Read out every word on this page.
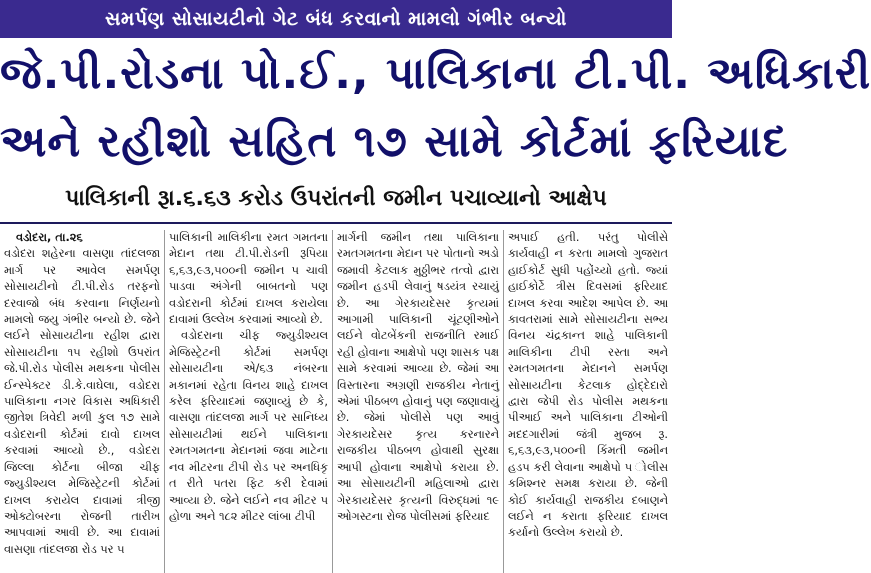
સમર્પણ સોસાયટીનો ગેટ બંધ કરવાનો મામલો ગંભીર બન્યો
જે.પી.રોડના પો.ઈ., પાલિકાના ટી.પી. અધિકારી
અને રહીશો સહિત ૧૭ સામે કોર્ટમાં ફરિયાદ
પાલિકાની રૂા.૬.૬૩ કરોડ ઉપરાંતની જમીન પચાવ્યાનો આક્ષેપ
વડોદરા, તા.૨૬

વડોદરા શહેરના વાસણા તાંદલજા માર્ગ પર આવેલ સમર્પણ સોસાયટીનો ટી.પી.રોડ તરફનો દરવાજો બંધ કરવાના નિર્ણયનો મામલો જયુ ગંભીર બન્યો છે. જેને લઈને સોસાયટીના રહીશ દ્વારા સોસાયટીના ૧૫ રહીશો ઉપરાંત જે.પી.રોડ પોલીસ મથકના પોલીસ ઈન્સ્પેક્ટર ડી.કે.વાઘેલા, વડોદરા પાલિકાના નગર વિકાસ અધિકારી જીતેશ ત્રિવેદી મળી કુલ ૧૭ સામે વડોદરાની કોર્ટમાં દાવો દાખલ કરવામાં આવ્યો છે., વડોદરા જિલ્લા કોર્ટના બીજા ચીફ જ્યુડીશ્યલ મેજિસ્ટ્રેટની કોર્ટમાં દાખલ કરાયેલ દાવામાં ત્રીજી ઓક્ટોબરના રોજની તારીખ આપવામાં આવી છે. આ દાવામાં વાસણા તાંદલજા રોડ પર ૫

પાલિકાની માલિકીના રમત ગમતના મેદાન તથા ટી.પી.રોડની રૂપિયા ૬,૬૩,૯૩,૫૦૦ની જમીન પ ચાવી પાડવા અંગેની બાબતનો પણ વડોદરાની કોર્ટમાં દાખલ કરાયેલા દાવામાં ઉલ્લેખ કરવામાં આવ્યો છે.

વડોદરાના ચીફ જ્યુડીશ્યલ મેજિસ્ટ્રેટની કોર્ટમાં સમર્પણ સોસાયટીના એ/૬૩ નંબરના મકાનમાં રહેતા વિનય શાહે દાખલ કરેલ ફરિયાદમાં જણાવ્યું છે કે, વાસણા તાંદલજા માર્ગ પર સાનિધ્ય સોસાયટીમાં થઈને પાલિકાના રમતગમતના મેદાનમાં જવા માટેના નવ મીટરના ટીપી રોડ પર અનધિકૃ ત રીતે પતરા ફિટ કરી દેવામાં આવ્યા છે. જેને લઈને નવ મીટર પ હોળા અને ૧૮૨ મીટર લાંબા ટીપી

માર્ગની જમીન તથા પાલિકાના રમતગમતના મેદાન પર પોતાનો અડો જમાવી કેટલાક મુઠ્ઠીભર તત્વો દ્વારા જમીન હડપી લેવાનું ષડયંત્ર રચાયું છે. આ ગેરકાયદેસર કૃત્યમાં આગામી પાલિકાની ચૂંટણીઓને લઈને વોટબેંકની રાજનીતિ રમાઈ રહી હોવાના આક્ષેપો પણ શાસક પક્ષ સામે કરવામાં આવ્યા છે. જેમાં આ વિસ્તારના અગ્રણી રાજકીય નેતાનું એમાં પીઠબળ હોવાનું પણ જણાવાયું છે. જેમાં પોલીસે પણ આવું ગેરકાયદેસર કૃત્ય કરનારને રાજકીય પીઠબળ હોવાથી સુરક્ષા આપી હોવાના આક્ષેપો કરાયા છે. આ સોસાયટીની મહિલાઓ દ્વારા ગેરકાયદેસર કૃત્યની વિરુદ્ધમાં ૧૯ ઓગસ્ટના રોજ પોલીસમાં ફરિયાદ

અપાઈ હતી. પરંતુ પોલીસે કાર્યવાહી ન કરતા મામલો ગુજરાત હાઈકોર્ટ સુધી પહોંચ્યો હતો. જ્યાં હાઈકોર્ટે ત્રીસ દિવસમાં ફરિયાદ દાખલ કરવા આદેશ આપેલ છે. આ કાવતરામાં સામે સોસાયટીના સભ્ય વિનય ચંદ્રકાન્ત શાહે પાલિકાની માલિકીના ટીપી રસ્તા અને રમતગમતના મેદાનને સમર્પણ સોસાયટીના કેટલાક હોદ્દેદારો દ્વારા જેપી રોડ પોલીસ મથકના પીઆઈ અને પાલિકાના ટીઓની મદદગારીમાં જંત્રી મુજબ રૂ. ૬,૬૩,૯૩,૫૦૦ની કિંમતી જમીન હડપ કરી લેવાના આક્ષેપો પ ોલીસ કમિશ્નર સમક્ષ કરાયા છે. જેની કોઈ કાર્યવાહી રાજકીય દબાણને લઈને ન કરાતા ફરિયાદ દાખલ કર્યાનો ઉલ્લેખ કરાયો છે.
